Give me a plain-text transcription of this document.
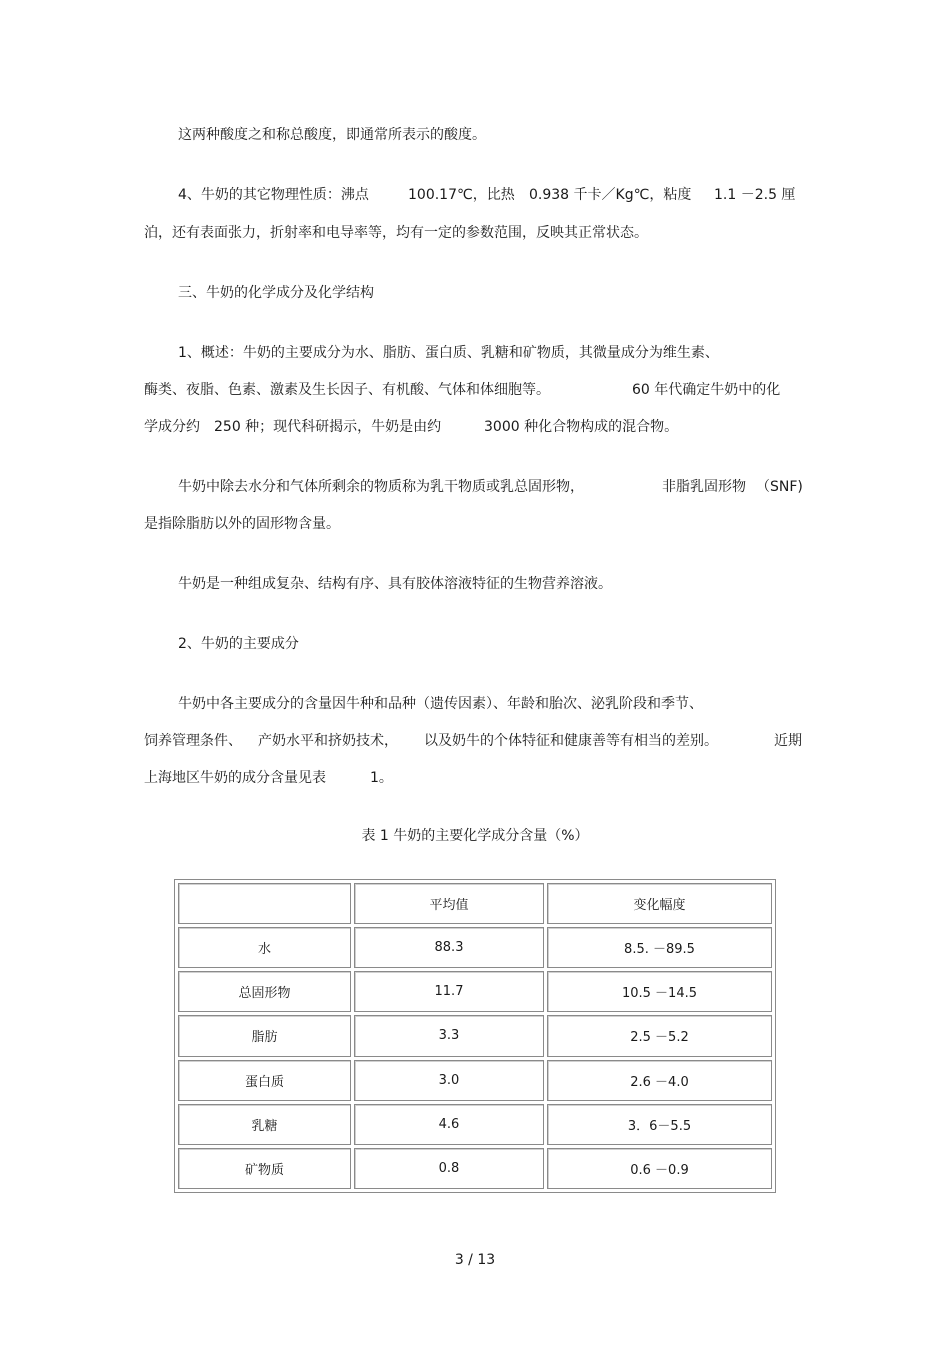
这两种酸度之和称总酸度，即通常所表示的酸度。
4、牛奶的其它物理性质：沸点	100.17℃，比热 0.938 千卡／Kg℃，粘度 1.1 －2.5 厘
泊，还有表面张力，折射率和电导率等，均有一定的参数范围，反映其正常状态。
三、牛奶的化学成分及化学结构
1、概述：牛奶的主要成分为水、脂肪、蛋白质、乳糖和矿物质，其微量成分为维生素、
酶类、夜脂、色素、激素及生长因子、有机酸、气体和体细胞等。	60 年代确定牛奶中的化
学成分约 250 种；现代科研揭示，牛奶是由约	3000 种化合物构成的混合物。
牛奶中除去水分和气体所剩余的物质称为乳干物质或乳总固形物，	非脂乳固形物 （SNF)
是指除脂肪以外的固形物含量。
牛奶是一种组成复杂、结构有序、具有胶体溶液特征的生物营养溶液。
2、牛奶的主要成分
牛奶中各主要成分的含量因牛种和品种（遗传因素）、年龄和胎次、泌乳阶段和季节、
饲养管理条件、 产奶水平和挤奶技术， 以及奶牛的个体特征和健康善等有相当的差别。	近期
上海地区牛奶的成分含量见表	1。
表 1 牛奶的主要化学成分含量（%）
	平均值	变化幅度
水	88.3	8.5. －89.5
总固形物	11.7	10.5 －14.5
脂肪	3.3	2.5 －5.2
蛋白质	3.0	2.6 －4.0
乳糖	4.6	3．6－5.5
矿物质	0.8	0.6 －0.9
3 / 13
